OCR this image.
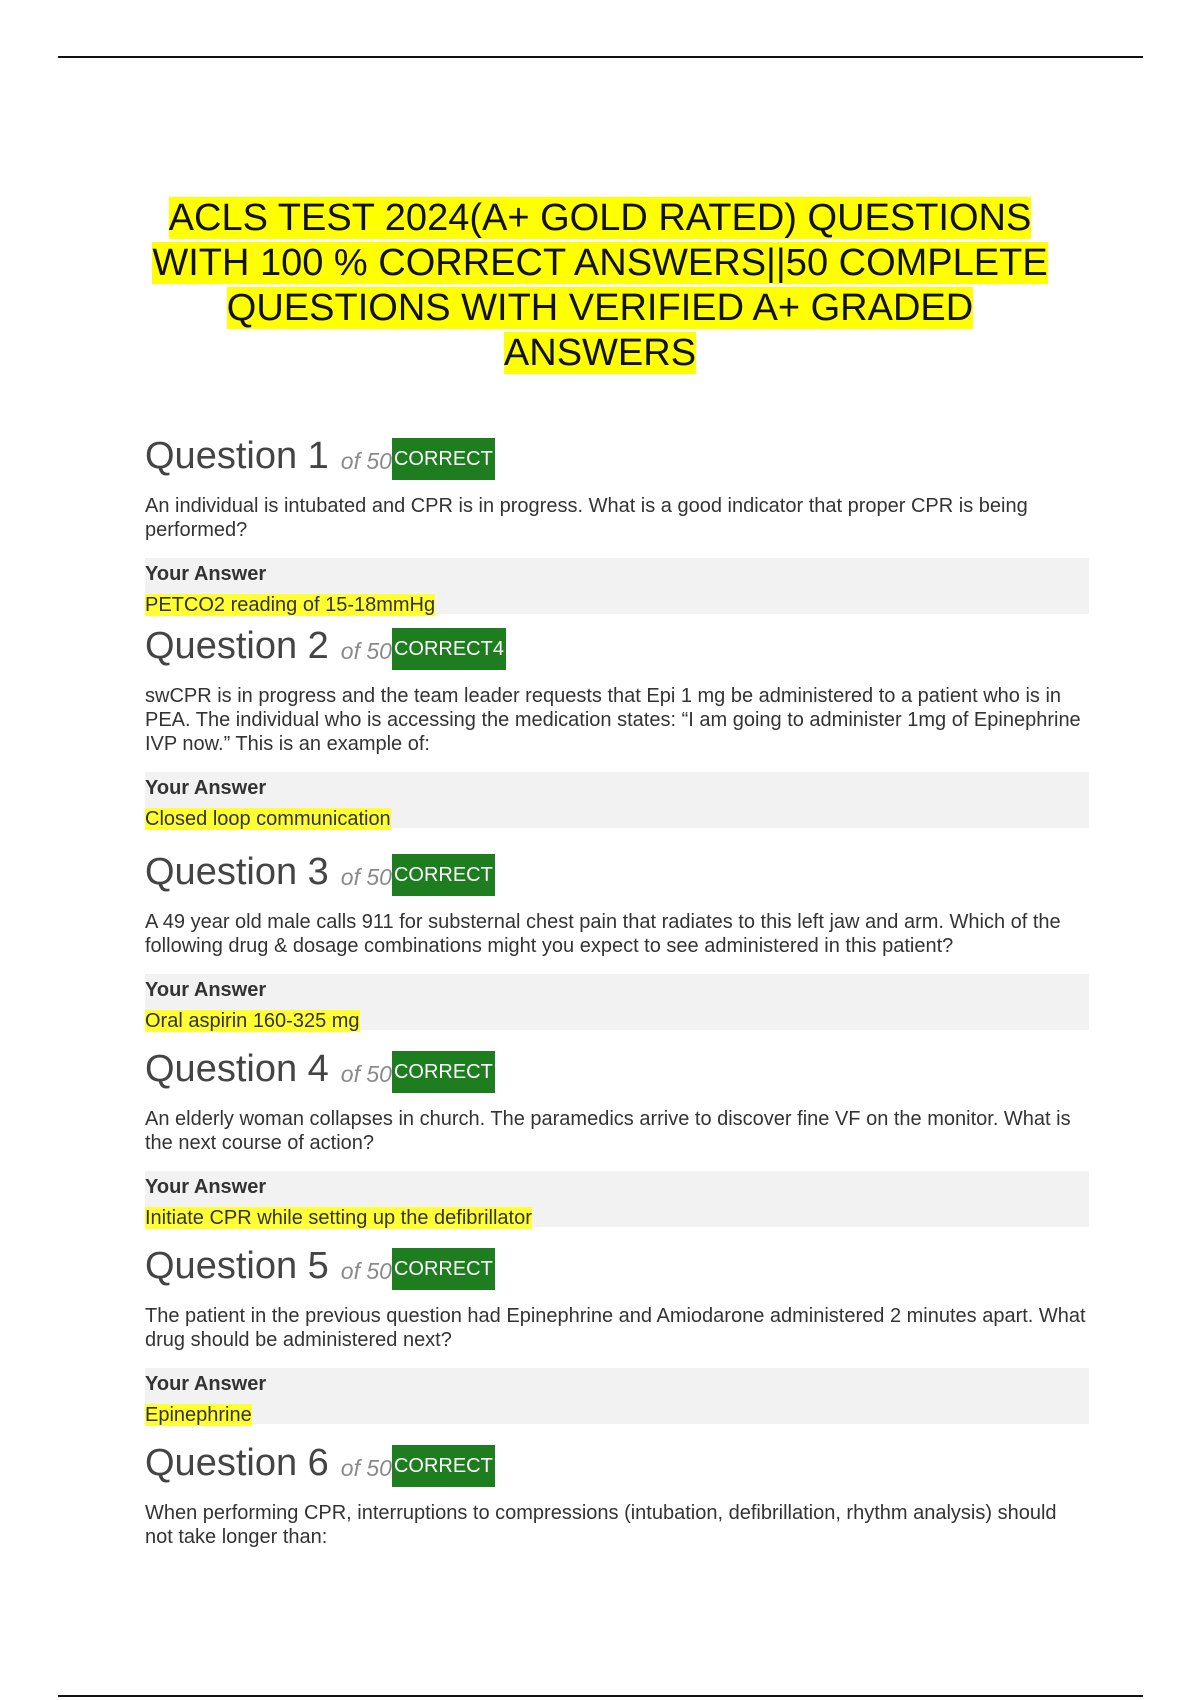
ACLS TEST 2024(A+ GOLD RATED) QUESTIONS
WITH 100 % CORRECT ANSWERS||50 COMPLETE
QUESTIONS WITH VERIFIED A+ GRADED
ANSWERS
Question 1 of 50 CORRECT
An individual is intubated and CPR is in progress. What is a good indicator that proper CPR is being performed?
Your Answer
PETCO2 reading of 15-18mmHg
Question 2 of 50 CORRECT4
swCPR is in progress and the team leader requests that Epi 1 mg be administered to a patient who is in PEA. The individual who is accessing the medication states: “I am going to administer 1mg of Epinephrine IVP now.” This is an example of:
Your Answer
Closed loop communication
Question 3 of 50 CORRECT
A 49 year old male calls 911 for substernal chest pain that radiates to this left jaw and arm. Which of the following drug & dosage combinations might you expect to see administered in this patient?
Your Answer
Oral aspirin 160-325 mg
Question 4 of 50 CORRECT
An elderly woman collapses in church. The paramedics arrive to discover fine VF on the monitor. What is the next course of action?
Your Answer
Initiate CPR while setting up the defibrillator
Question 5 of 50 CORRECT
The patient in the previous question had Epinephrine and Amiodarone administered 2 minutes apart. What drug should be administered next?
Your Answer
Epinephrine
Question 6 of 50 CORRECT
When performing CPR, interruptions to compressions (intubation, defibrillation, rhythm analysis) should not take longer than:
